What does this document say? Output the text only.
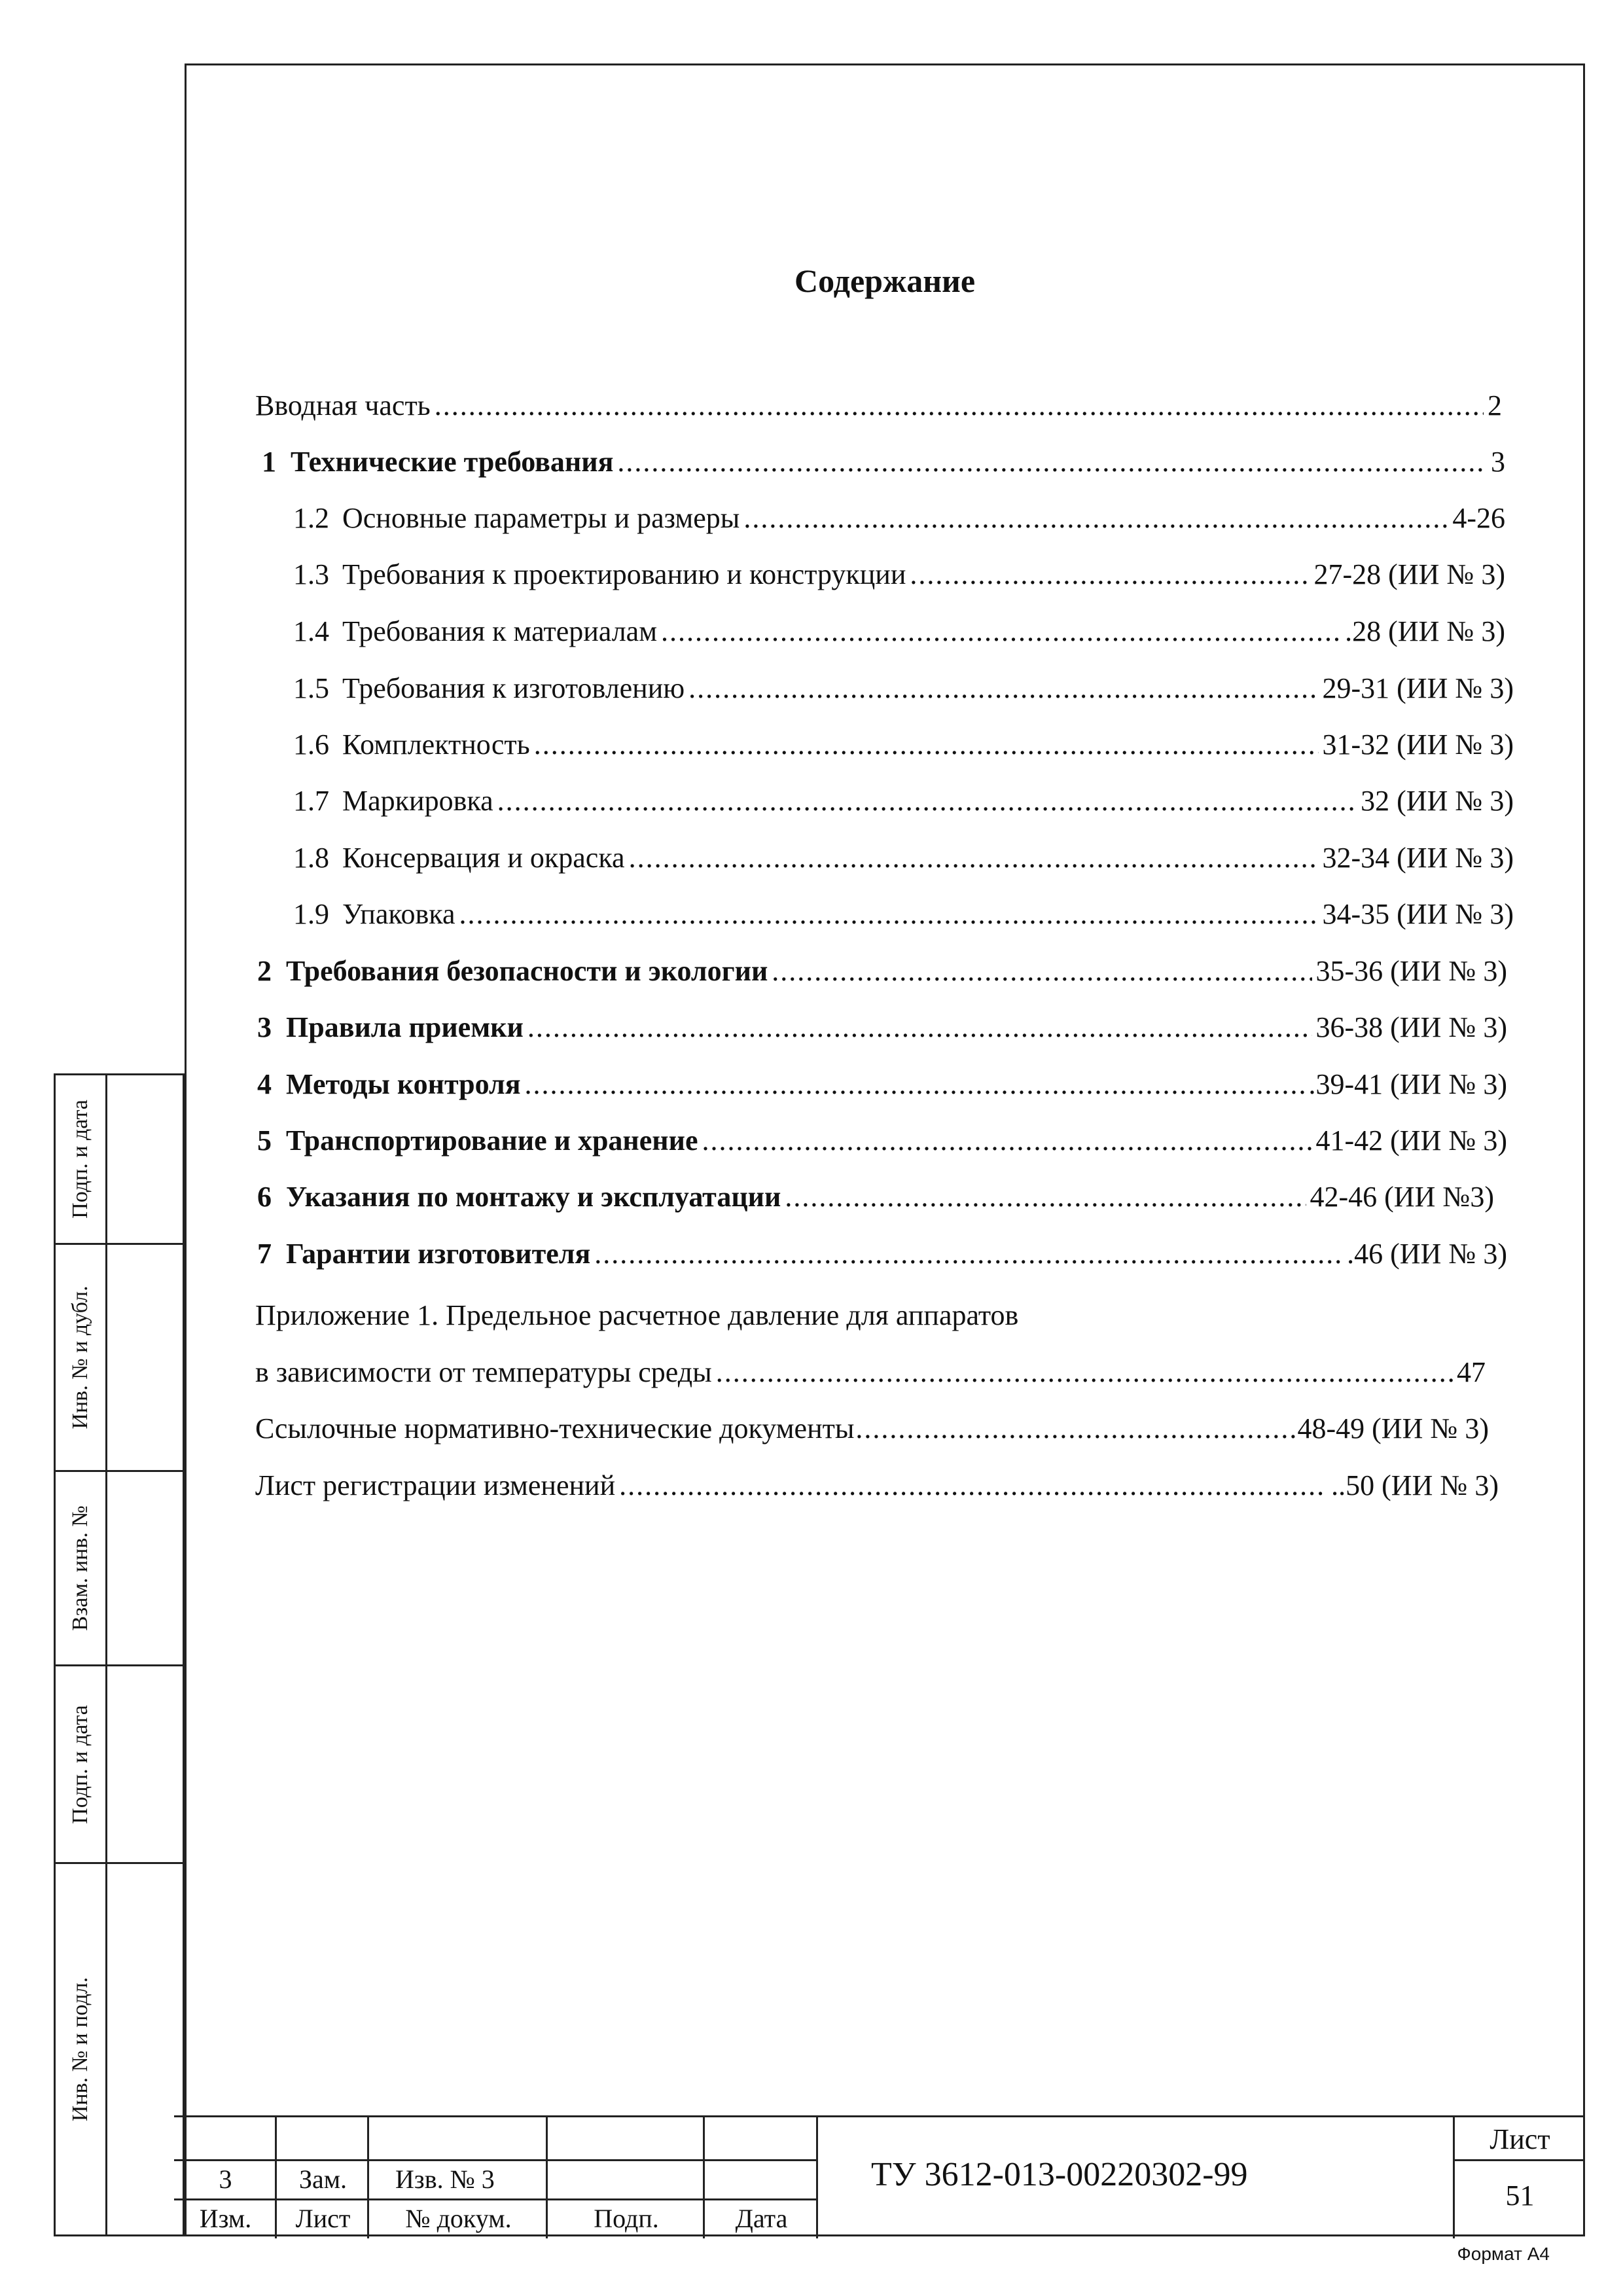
Содержание
Вводная часть .....	2
1 Технические требования .....	3
1.2 Основные параметры и размеры .....	4-26
1.3 Требования к проектированию и конструкции .....	27-28 (ИИ № 3)
1.4 Требования к материалам .....	.28 (ИИ № 3)
1.5 Требования к изготовлению .....	29-31 (ИИ № 3)
1.6 Комплектность .....	31-32 (ИИ № 3)
1.7 Маркировка .....	32 (ИИ № 3)
1.8 Консервация и окраска .....	32-34 (ИИ № 3)
1.9 Упаковка .....	34-35 (ИИ № 3)
2 Требования безопасности и экологии .....	35-36 (ИИ № 3)
3 Правила приемки .....	36-38 (ИИ № 3)
4 Методы контроля .....	.39-41 (ИИ № 3)
5 Транспортирование и хранение .....	41-42 (ИИ № 3)
6 Указания по монтажу и эксплуатации .....	42-46 (ИИ №3)
7 Гарантии изготовителя .....	.46 (ИИ № 3)
Приложение 1. Предельное расчетное давление для аппаратов
в зависимости от температуры среды .....	47
Ссылочные нормативно-технические документы .....	48-49 (ИИ № 3)
Лист регистрации изменений .....	..50 (ИИ № 3)
Подп. и дата
Инв. № и дубл.
Взам. инв. №
Подп. и дата
Инв. № и подл.
3	Зам.	Изв. № 3
Изм.	Лист	№ докум.	Подп.	Дата
ТУ 3612-013-00220302-99
Лист
51
Формат А4
